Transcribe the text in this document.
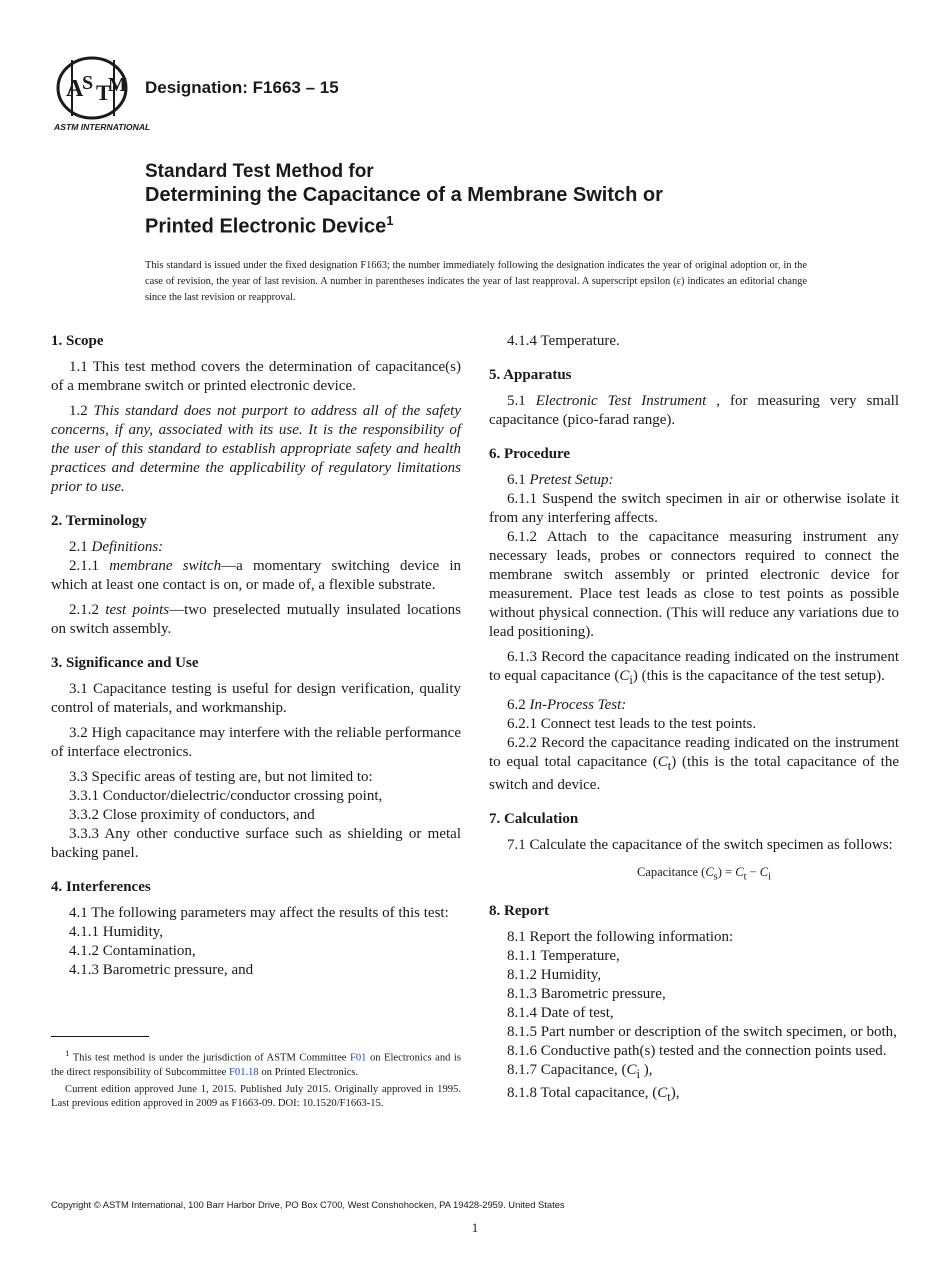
A
S T
M
ASTM INTERNATIONAL
Designation: F1663 – 15
Standard Test Method for
Determining the Capacitance of a Membrane Switch or
Printed Electronic Device$^1$
This standard is issued under the fixed designation F1663; the number immediately following the designation indicates the year of original adoption or, in the case of revision, the year of last revision. A number in parentheses indicates the year of last reapproval. A superscript epsilon (ε) indicates an editorial change since the last revision or reapproval.
1. Scope

1.1 This test method covers the determination of capacitance(s) of a membrane switch or printed electronic device.

1.2 This standard does not purport to address all of the safety concerns, if any, associated with its use. It is the responsibility of the user of this standard to establish appropriate safety and health practices and determine the applicability of regulatory limitations prior to use.

2. Terminology

2.1 Definitions:

2.1.1 membrane switch—a momentary switching device in which at least one contact is on, or made of, a flexible substrate.

2.1.2 test points—two preselected mutually insulated locations on switch assembly.

3. Significance and Use

3.1 Capacitance testing is useful for design verification, quality control of materials, and workmanship.

3.2 High capacitance may interfere with the reliable performance of interface electronics.

3.3 Specific areas of testing are, but not limited to:

3.3.1 Conductor/dielectric/conductor crossing point,

3.3.2 Close proximity of conductors, and

3.3.3 Any other conductive surface such as shielding or metal backing panel.

4. Interferences

4.1 The following parameters may affect the results of this test:

4.1.1 Humidity,

4.1.2 Contamination,

4.1.3 Barometric pressure, and

4.1.4 Temperature.

5. Apparatus

5.1 Electronic Test Instrument , for measuring very small capacitance (pico-farad range).

6. Procedure

6.1 Pretest Setup:

6.1.1 Suspend the switch specimen in air or otherwise isolate it from any interfering affects.

6.1.2 Attach to the capacitance measuring instrument any necessary leads, probes or connectors required to connect the membrane switch assembly or printed electronic device for measurement. Place test leads as close to test points as possible without physical connection. (This will reduce any variations due to lead positioning).

6.1.3 Record the capacitance reading indicated on the instrument to equal capacitance $(C_i)$ (this is the capacitance of the test setup).

6.2 In-Process Test:

6.2.1 Connect test leads to the test points.

6.2.2 Record the capacitance reading indicated on the instrument to equal total capacitance $(C_t)$ (this is the total capacitance of the switch and device.

7. Calculation

7.1 Calculate the capacitance of the switch specimen as follows:

Capacitance $(C_s) = C_t - C_i$
8. Report

8.1 Report the following information:

8.1.1 Temperature,

8.1.2 Humidity,

8.1.3 Barometric pressure,

8.1.4 Date of test,

8.1.5 Part number or description of the switch specimen, or both,

8.1.6 Conductive path(s) tested and the connection points used.

8.1.7 Capacitance, ($C_i$ ),

8.1.8 Total capacitance, $(C_t)$,

$^1$ This test method is under the jurisdiction of ASTM Committee F01 on Electronics and is the direct responsibility of Subcommittee F01.18 on Printed Electronics.

Current edition approved June 1, 2015. Published July 2015. Originally approved in 1995. Last previous edition approved in 2009 as F1663-09. DOI: 10.1520/F1663-15.

Copyright © ASTM International, 100 Barr Harbor Drive, PO Box C700, West Conshohocken, PA 19428-2959. United States
1
